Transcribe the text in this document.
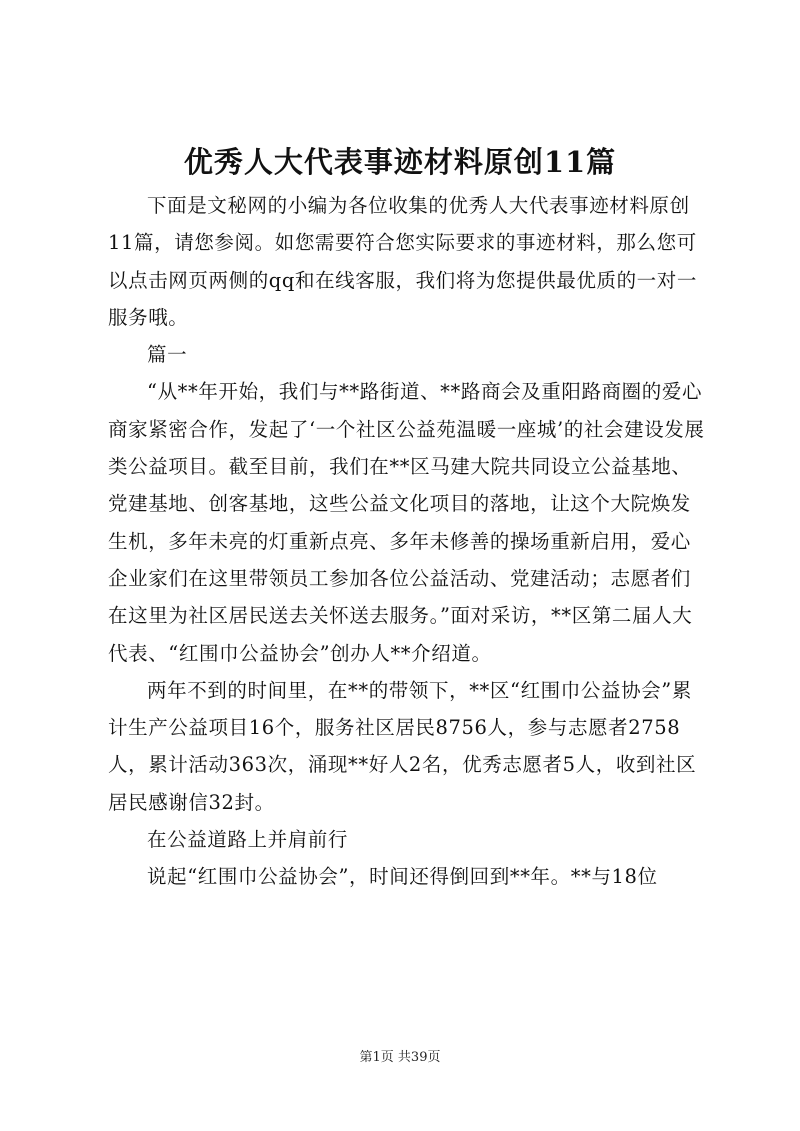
优秀人大代表事迹材料原创11篇

下面是文秘网的小编为各位收集的优秀人大代表事迹材料原创11篇，请您参阅。如您需要符合您实际要求的事迹材料，那么您可以点击网页两侧的qq和在线客服，我们将为您提供最优质的一对一服务哦。

篇一

“从**年开始，我们与**路街道、**路商会及重阳路商圈的爱心商家紧密合作，发起了‘一个社区公益苑温暖一座城’的社会建设发展类公益项目。截至目前，我们在**区马建大院共同设立公益基地、党建基地、创客基地，这些公益文化项目的落地，让这个大院焕发生机，多年未亮的灯重新点亮、多年未修善的操场重新启用，爱心企业家们在这里带领员工参加各位公益活动、党建活动；志愿者们在这里为社区居民送去关怀送去服务。”面对采访，**区第二届人大代表、“红围巾公益协会”创办人**介绍道。

两年不到的时间里，在**的带领下，**区“红围巾公益协会”累计生产公益项目16个，服务社区居民8756人，参与志愿者2758人，累计活动363次，涌现**好人2名，优秀志愿者5人，收到社区居民感谢信32封。

在公益道路上并肩前行

说起“红围巾公益协会”，时间还得倒回到**年。**与18位

第1页 共39页
